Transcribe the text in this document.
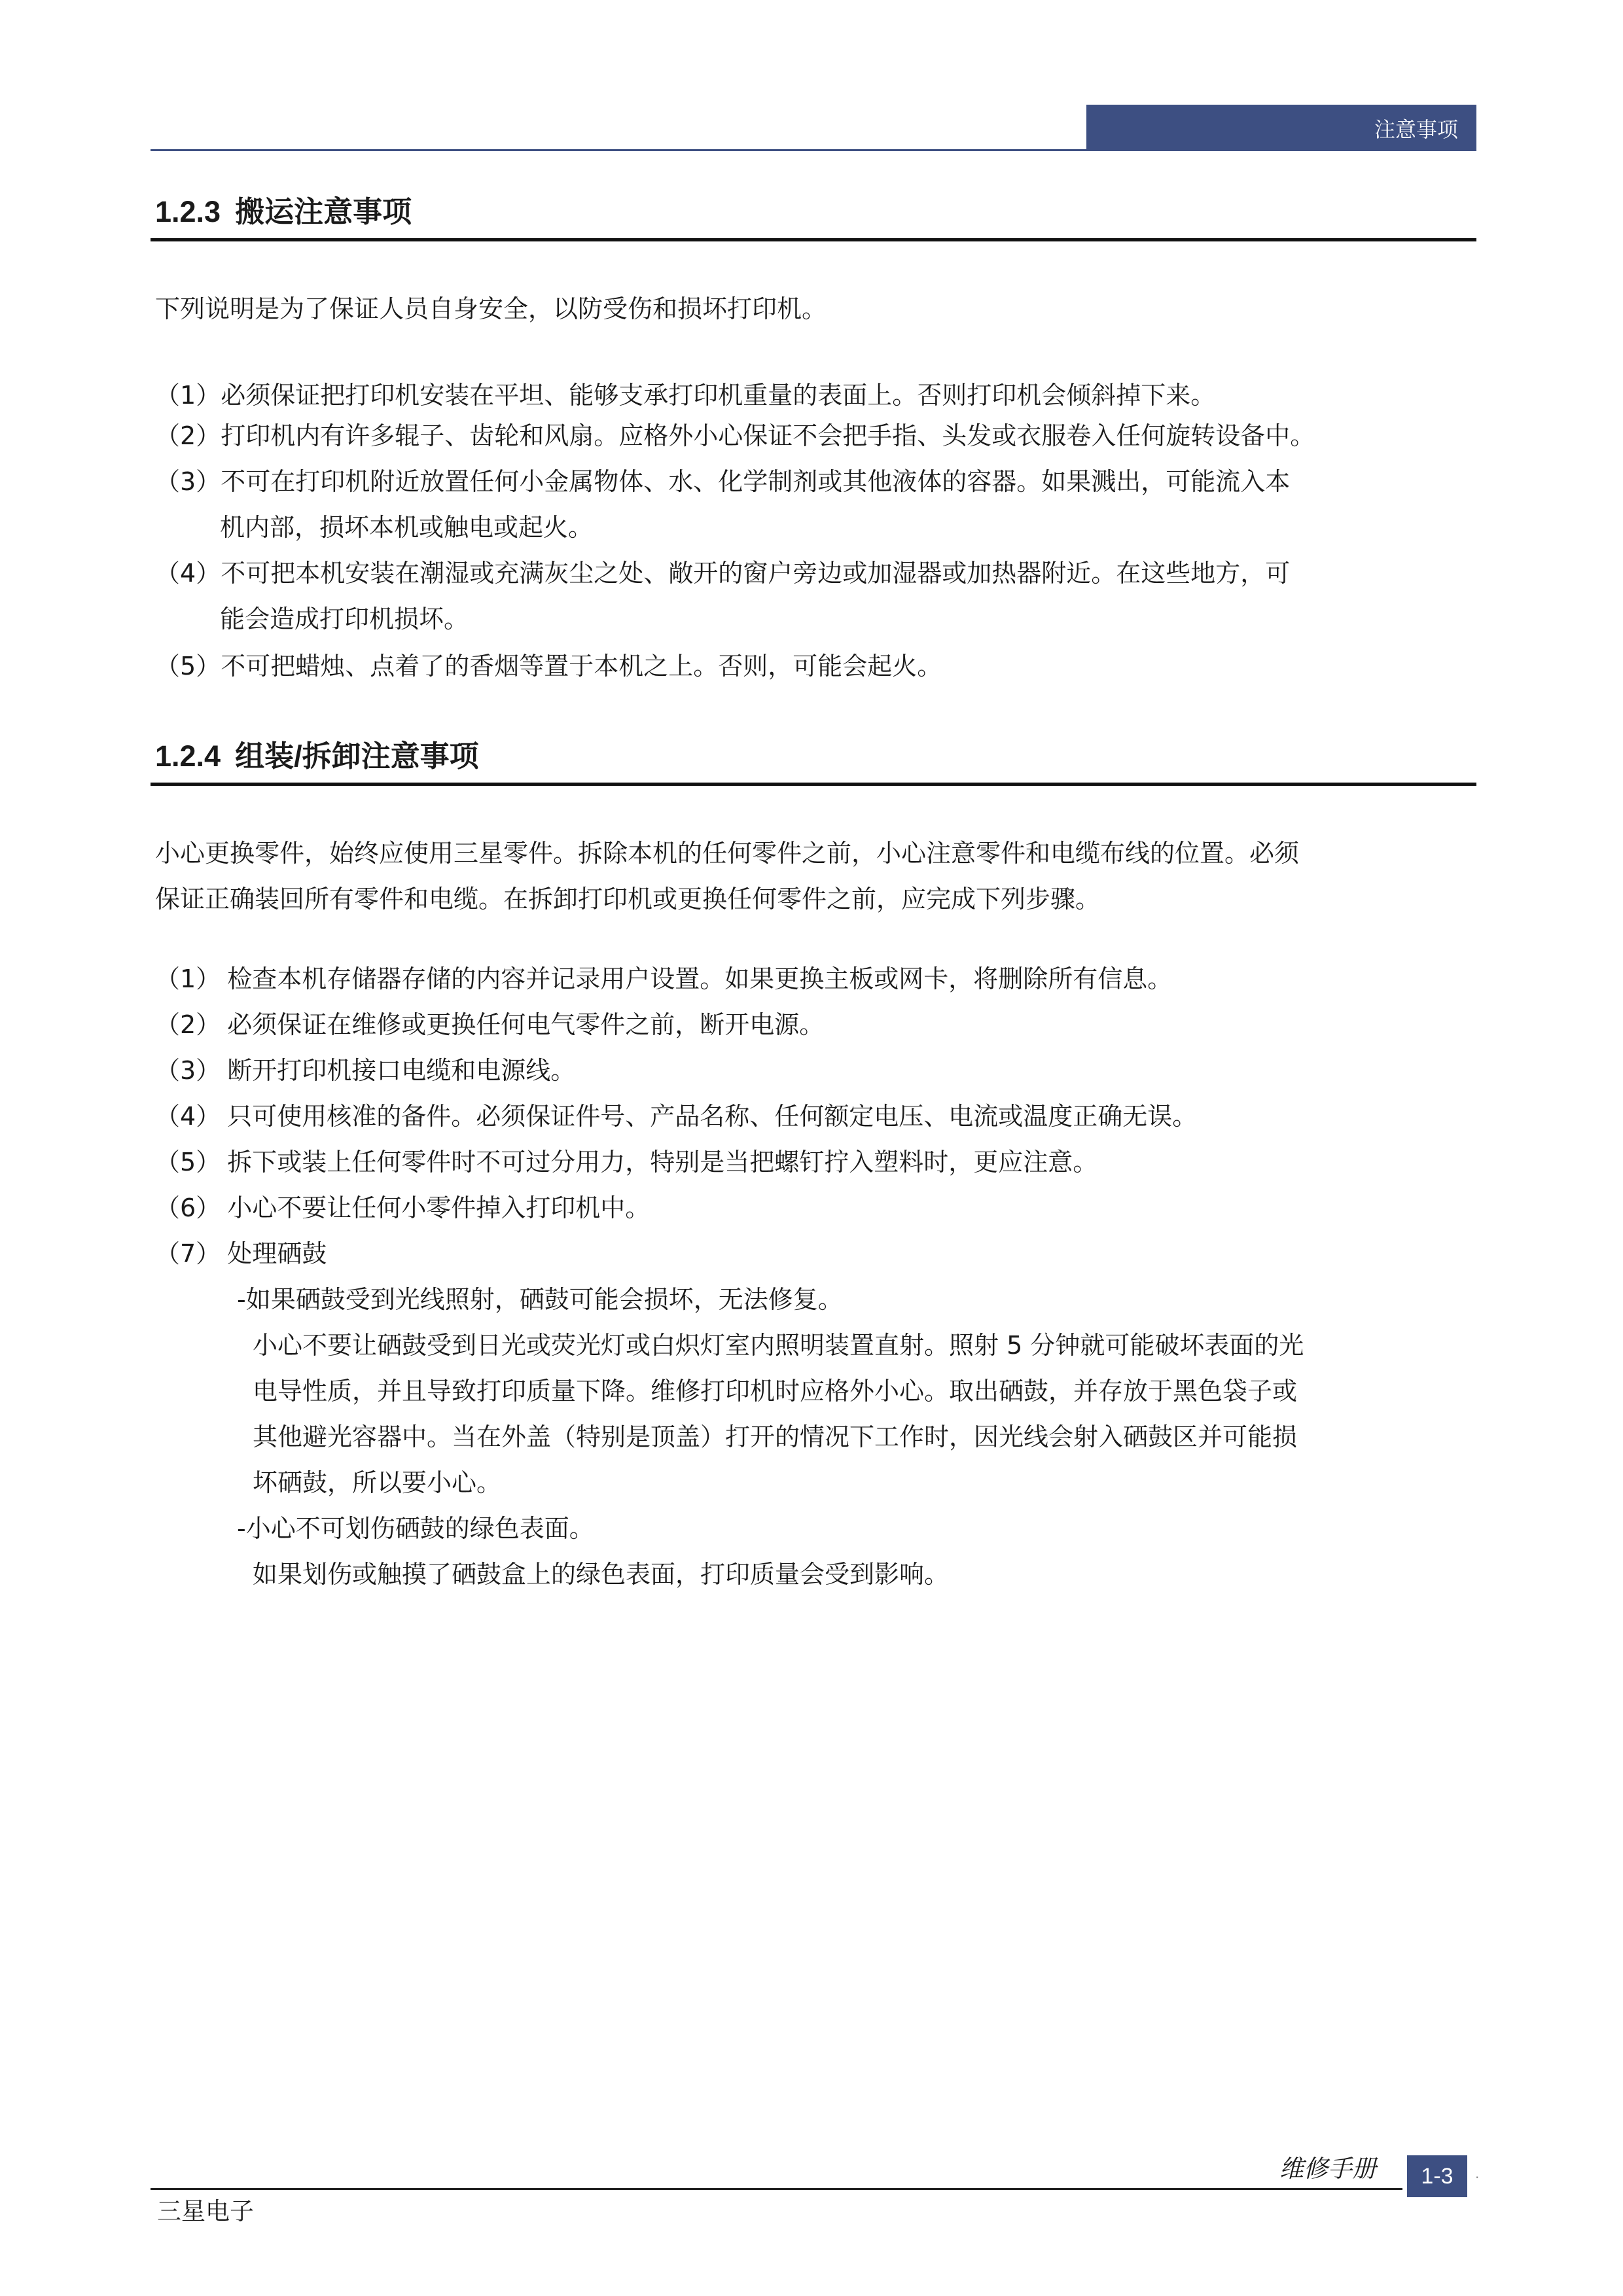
注意事项
1.2.3 搬运注意事项
下列说明是为了保证人员自身安全，以防受伤和损坏打印机。
（1）必须保证把打印机安装在平坦、能够支承打印机重量的表面上。否则打印机会倾斜掉下来。
（2）打印机内有许多辊子、齿轮和风扇。应格外小心保证不会把手指、头发或衣服卷入任何旋转设备中。
（3）不可在打印机附近放置任何小金属物体、水、化学制剂或其他液体的容器。如果溅出，可能流入本
机内部，损坏本机或触电或起火。
（4）不可把本机安装在潮湿或充满灰尘之处、敞开的窗户旁边或加湿器或加热器附近。在这些地方，可
能会造成打印机损坏。
（5）不可把蜡烛、点着了的香烟等置于本机之上。否则，可能会起火。
1.2.4 组装/拆卸注意事项
小心更换零件，始终应使用三星零件。拆除本机的任何零件之前，小心注意零件和电缆布线的位置。必须
保证正确装回所有零件和电缆。在拆卸打印机或更换任何零件之前，应完成下列步骤。
（1） 检查本机存储器存储的内容并记录用户设置。如果更换主板或网卡，将删除所有信息。
（2） 必须保证在维修或更换任何电气零件之前，断开电源。
（3） 断开打印机接口电缆和电源线。
（4） 只可使用核准的备件。必须保证件号、产品名称、任何额定电压、电流或温度正确无误。
（5） 拆下或装上任何零件时不可过分用力，特别是当把螺钉拧入塑料时，更应注意。
（6） 小心不要让任何小零件掉入打印机中。
（7） 处理硒鼓
-如果硒鼓受到光线照射，硒鼓可能会损坏，无法修复。
小心不要让硒鼓受到日光或荧光灯或白炽灯室内照明装置直射。照射 5 分钟就可能破坏表面的光
电导性质，并且导致打印质量下降。维修打印机时应格外小心。取出硒鼓，并存放于黑色袋子或
其他避光容器中。当在外盖（特别是顶盖）打开的情况下工作时，因光线会射入硒鼓区并可能损
坏硒鼓，所以要小心。
-小心不可划伤硒鼓的绿色表面。
如果划伤或触摸了硒鼓盒上的绿色表面，打印质量会受到影响。
维修手册	1-3	.
三星电子
